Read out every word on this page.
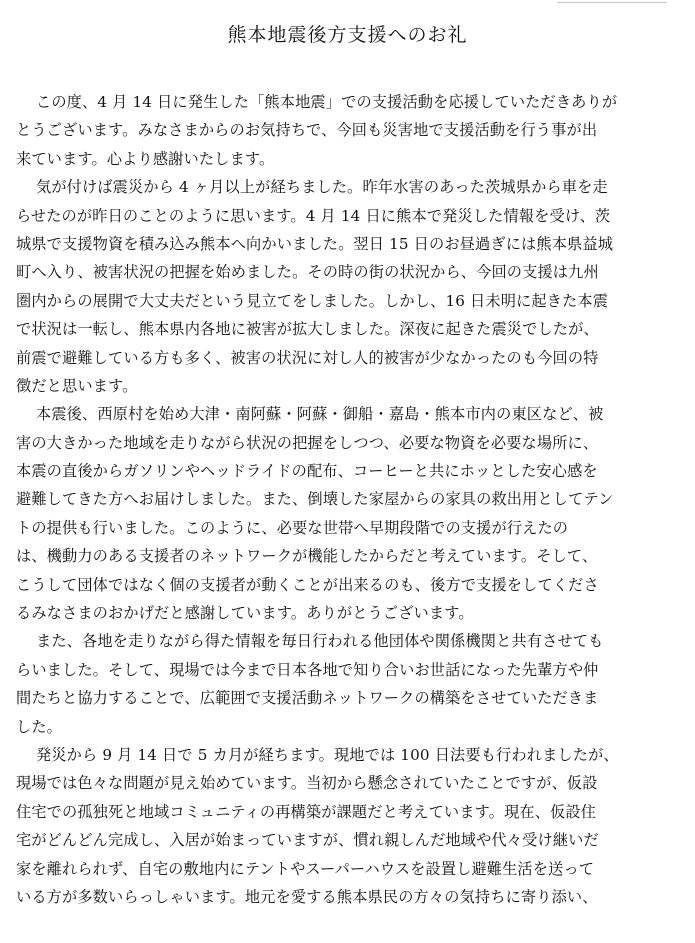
熊本地震後方支援へのお礼
この度、4 月 14 日に発生した「熊本地震」での支援活動を応援していただきありが
とうございます。みなさまからのお気持ちで、今回も災害地で支援活動を行う事が出
来ています。心より感謝いたします。
気が付けば震災から 4 ヶ月以上が経ちました。昨年水害のあった茨城県から車を走
らせたのが昨日のことのように思います。4 月 14 日に熊本で発災した情報を受け、茨
城県で支援物資を積み込み熊本へ向かいました。翌日 15 日のお昼過ぎには熊本県益城
町へ入り、被害状況の把握を始めました。その時の街の状況から、今回の支援は九州
圏内からの展開で大丈夫だという見立てをしました。しかし、16 日未明に起きた本震
で状況は一転し、熊本県内各地に被害が拡大しました。深夜に起きた震災でしたが、
前震で避難している方も多く、被害の状況に対し人的被害が少なかったのも今回の特
徴だと思います。
本震後、西原村を始め大津・南阿蘇・阿蘇・御船・嘉島・熊本市内の東区など、被
害の大きかった地域を走りながら状況の把握をしつつ、必要な物資を必要な場所に、
本震の直後からガソリンやヘッドライドの配布、コーヒーと共にホッとした安心感を
避難してきた方へお届けしました。また、倒壊した家屋からの家具の救出用としてテン
トの提供も行いました。このように、必要な世帯へ早期段階での支援が行えたの
は、機動力のある支援者のネットワークが機能したからだと考えています。そして、
こうして団体ではなく個の支援者が動くことが出来るのも、後方で支援をしてくださ
るみなさまのおかげだと感謝しています。ありがとうございます。
また、各地を走りながら得た情報を毎日行われる他団体や関係機関と共有させても
らいました。そして、現場では今まで日本各地で知り合いお世話になった先輩方や仲
間たちと協力することで、広範囲で支援活動ネットワークの構築をさせていただきま
した。
発災から 9 月 14 日で 5 カ月が経ちます。現地では 100 日法要も行われましたが、
現場では色々な問題が見え始めています。当初から懸念されていたことですが、仮設
住宅での孤独死と地域コミュニティの再構築が課題だと考えています。現在、仮設住
宅がどんどん完成し、入居が始まっていますが、慣れ親しんだ地域や代々受け継いだ
家を離れられず、自宅の敷地内にテントやスーパーハウスを設置し避難生活を送って
いる方が多数いらっしゃいます。地元を愛する熊本県民の方々の気持ちに寄り添い、
